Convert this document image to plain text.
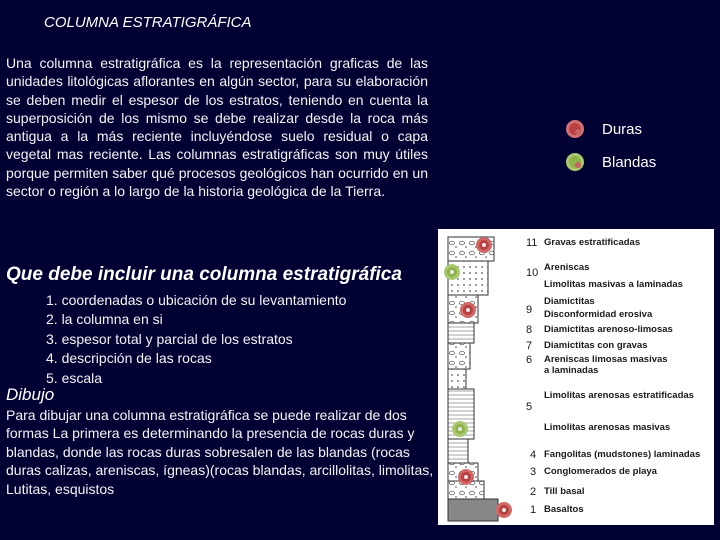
COLUMNA ESTRATIGRÁFICA
Una columna estratigráfica es la representación graficas de las unidades litológicas aflorantes en algún sector, para su elaboración se deben medir el espesor de los estratos, teniendo en cuenta la superposición de los mismo se debe realizar desde la roca más antigua a la más reciente incluyéndose suelo residual o capa vegetal mas reciente. Las columnas estratigráficas son muy útiles porque permiten saber qué procesos geológicos han ocurrido en un sector o región a lo largo de la historia geológica de la Tierra.
Que debe incluir una columna estratigráfica
1. coordenadas o ubicación de su levantamiento
2. la columna en si
3. espesor total y parcial de los estratos
4. descripción de las rocas
5. escala
Dibujo
Para dibujar una columna estratigráfica se puede realizar de dos formas La primera es determinando la presencia de rocas duras y blandas, donde las rocas duras sobresalen de las blandas (rocas duras calizas, areniscas, ígneas)(rocas blandas, arcillolitas, limolitas, Lutitas, esquistos
Duras
Blandas
11
10
9
8
7
6
5
4
3
2
1
Gravas estratificadas
Areniscas
Limolitas masivas a laminadas
Diamictitas
Disconformidad erosiva
Diamictitas arenoso-limosas
Diamictitas con gravas
Areniscas limosas masivas
a laminadas
Limolitas arenosas estratificadas
Limolitas arenosas masivas
Fangolitas (mudstones) laminadas
Conglomerados de playa
Till basal
Basaltos
